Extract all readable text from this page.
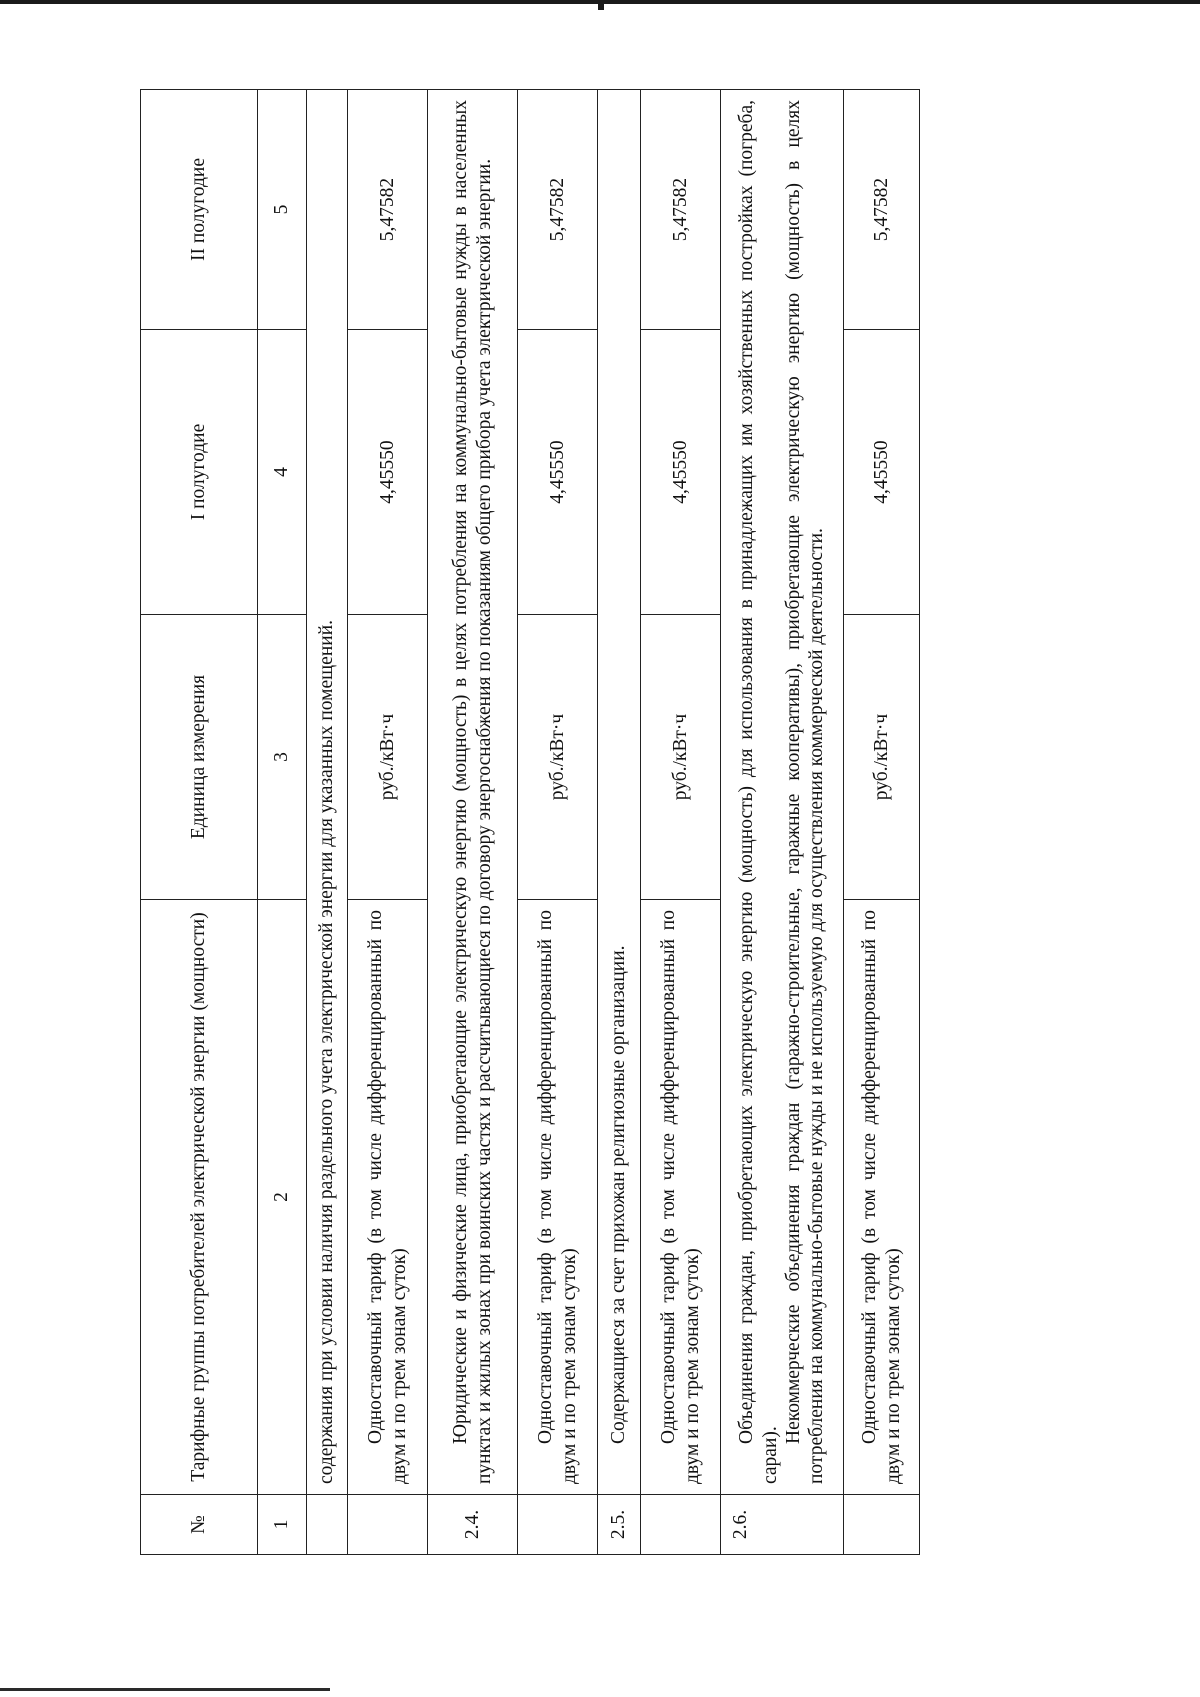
№	Тарифные группы потребителей электрической энергии (мощности)	Единица измерения	I полугодие	II полугодие
1	2	3	4	5
	содержания при условии наличия раздельного учета электрической энергии для указанных помещений.			

	Одноставочный тариф (в том числе дифференцированный по двум и по трем зонам суток)	руб./кВт·ч	4,45550	5,47582
2.4.	Юридические и физические лица, приобретающие электрическую энергию (мощность) в целях потребления на коммунально-бытовые нужды в населенных пунктах и жилых зонах при воинских частях и рассчитывающиеся по договору энергоснабжения по показаниям общего прибора учета электрической энергии.			

	Одноставочный тариф (в том числе дифференцированный по двум и по трем зонам суток)	руб./кВт·ч	4,45550	5,47582
2.5.	Содержащиеся за счет прихожан религиозные организации.			

	Одноставочный тариф (в том числе дифференцированный по двум и по трем зонам суток)	руб./кВт·ч	4,45550	5,47582
2.6.	Объединения граждан, приобретающих электрическую энергию (мощность) для использования в принадлежащих им хозяйственных постройках (погреба, сараи).

Некоммерческие объединения граждан (гаражно-строительные, гаражные кооперативы), приобретающие электрическую энергию (мощность) в целях потребления на коммунально-бытовые нужды и не используемую для осуществления коммерческой деятельности.			

	Одноставочный тариф (в том числе дифференцированный по двум и по трем зонам суток)	руб./кВт·ч	4,45550	5,47582
